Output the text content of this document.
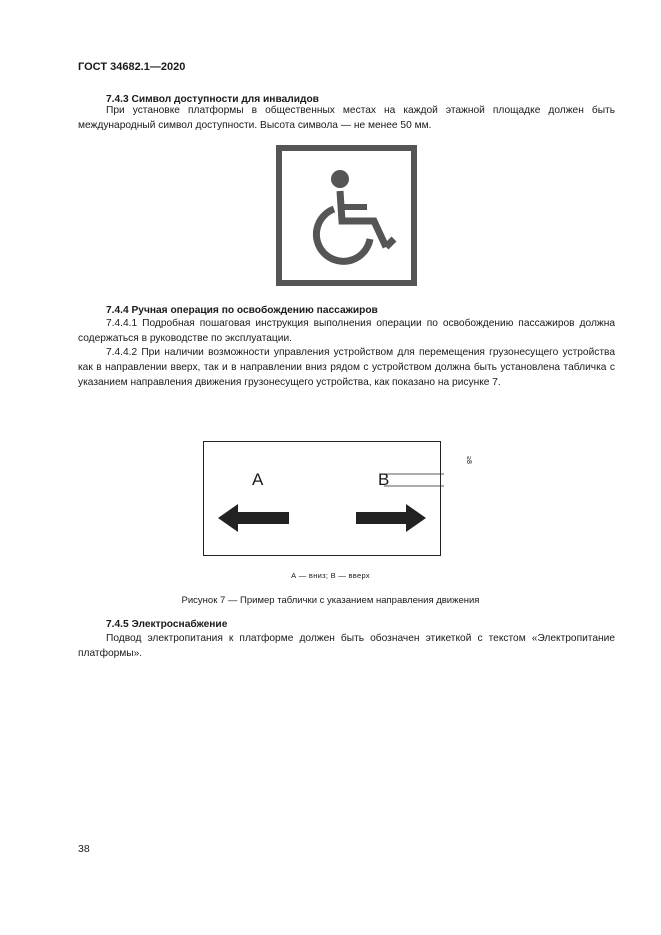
ГОСТ 34682.1—2020
7.4.3 Символ доступности для инвалидов
При установке платформы в общественных местах на каждой этажной площадке должен быть международный символ доступности. Высота символа — не менее 50 мм.
7.4.4 Ручная операция по освобождению пассажиров
7.4.4.1 Подробная пошаговая инструкция выполнения операции по освобождению пассажиров должна содержаться в руководстве по эксплуатации.
7.4.4.2 При наличии возможности управления устройством для перемещения грузонесущего устройства как в направлении вверх, так и в направлении вниз рядом с устройством должна быть установлена табличка с указанием направления движения грузонесущего устройства, как показано на рисунке 7.
А	В
≥8
А — вниз; В — вверх
Рисунок 7 — Пример таблички с указанием направления движения
7.4.5 Электроснабжение
Подвод электропитания к платформе должен быть обозначен этикеткой с текстом «Электропитание платформы».
38
